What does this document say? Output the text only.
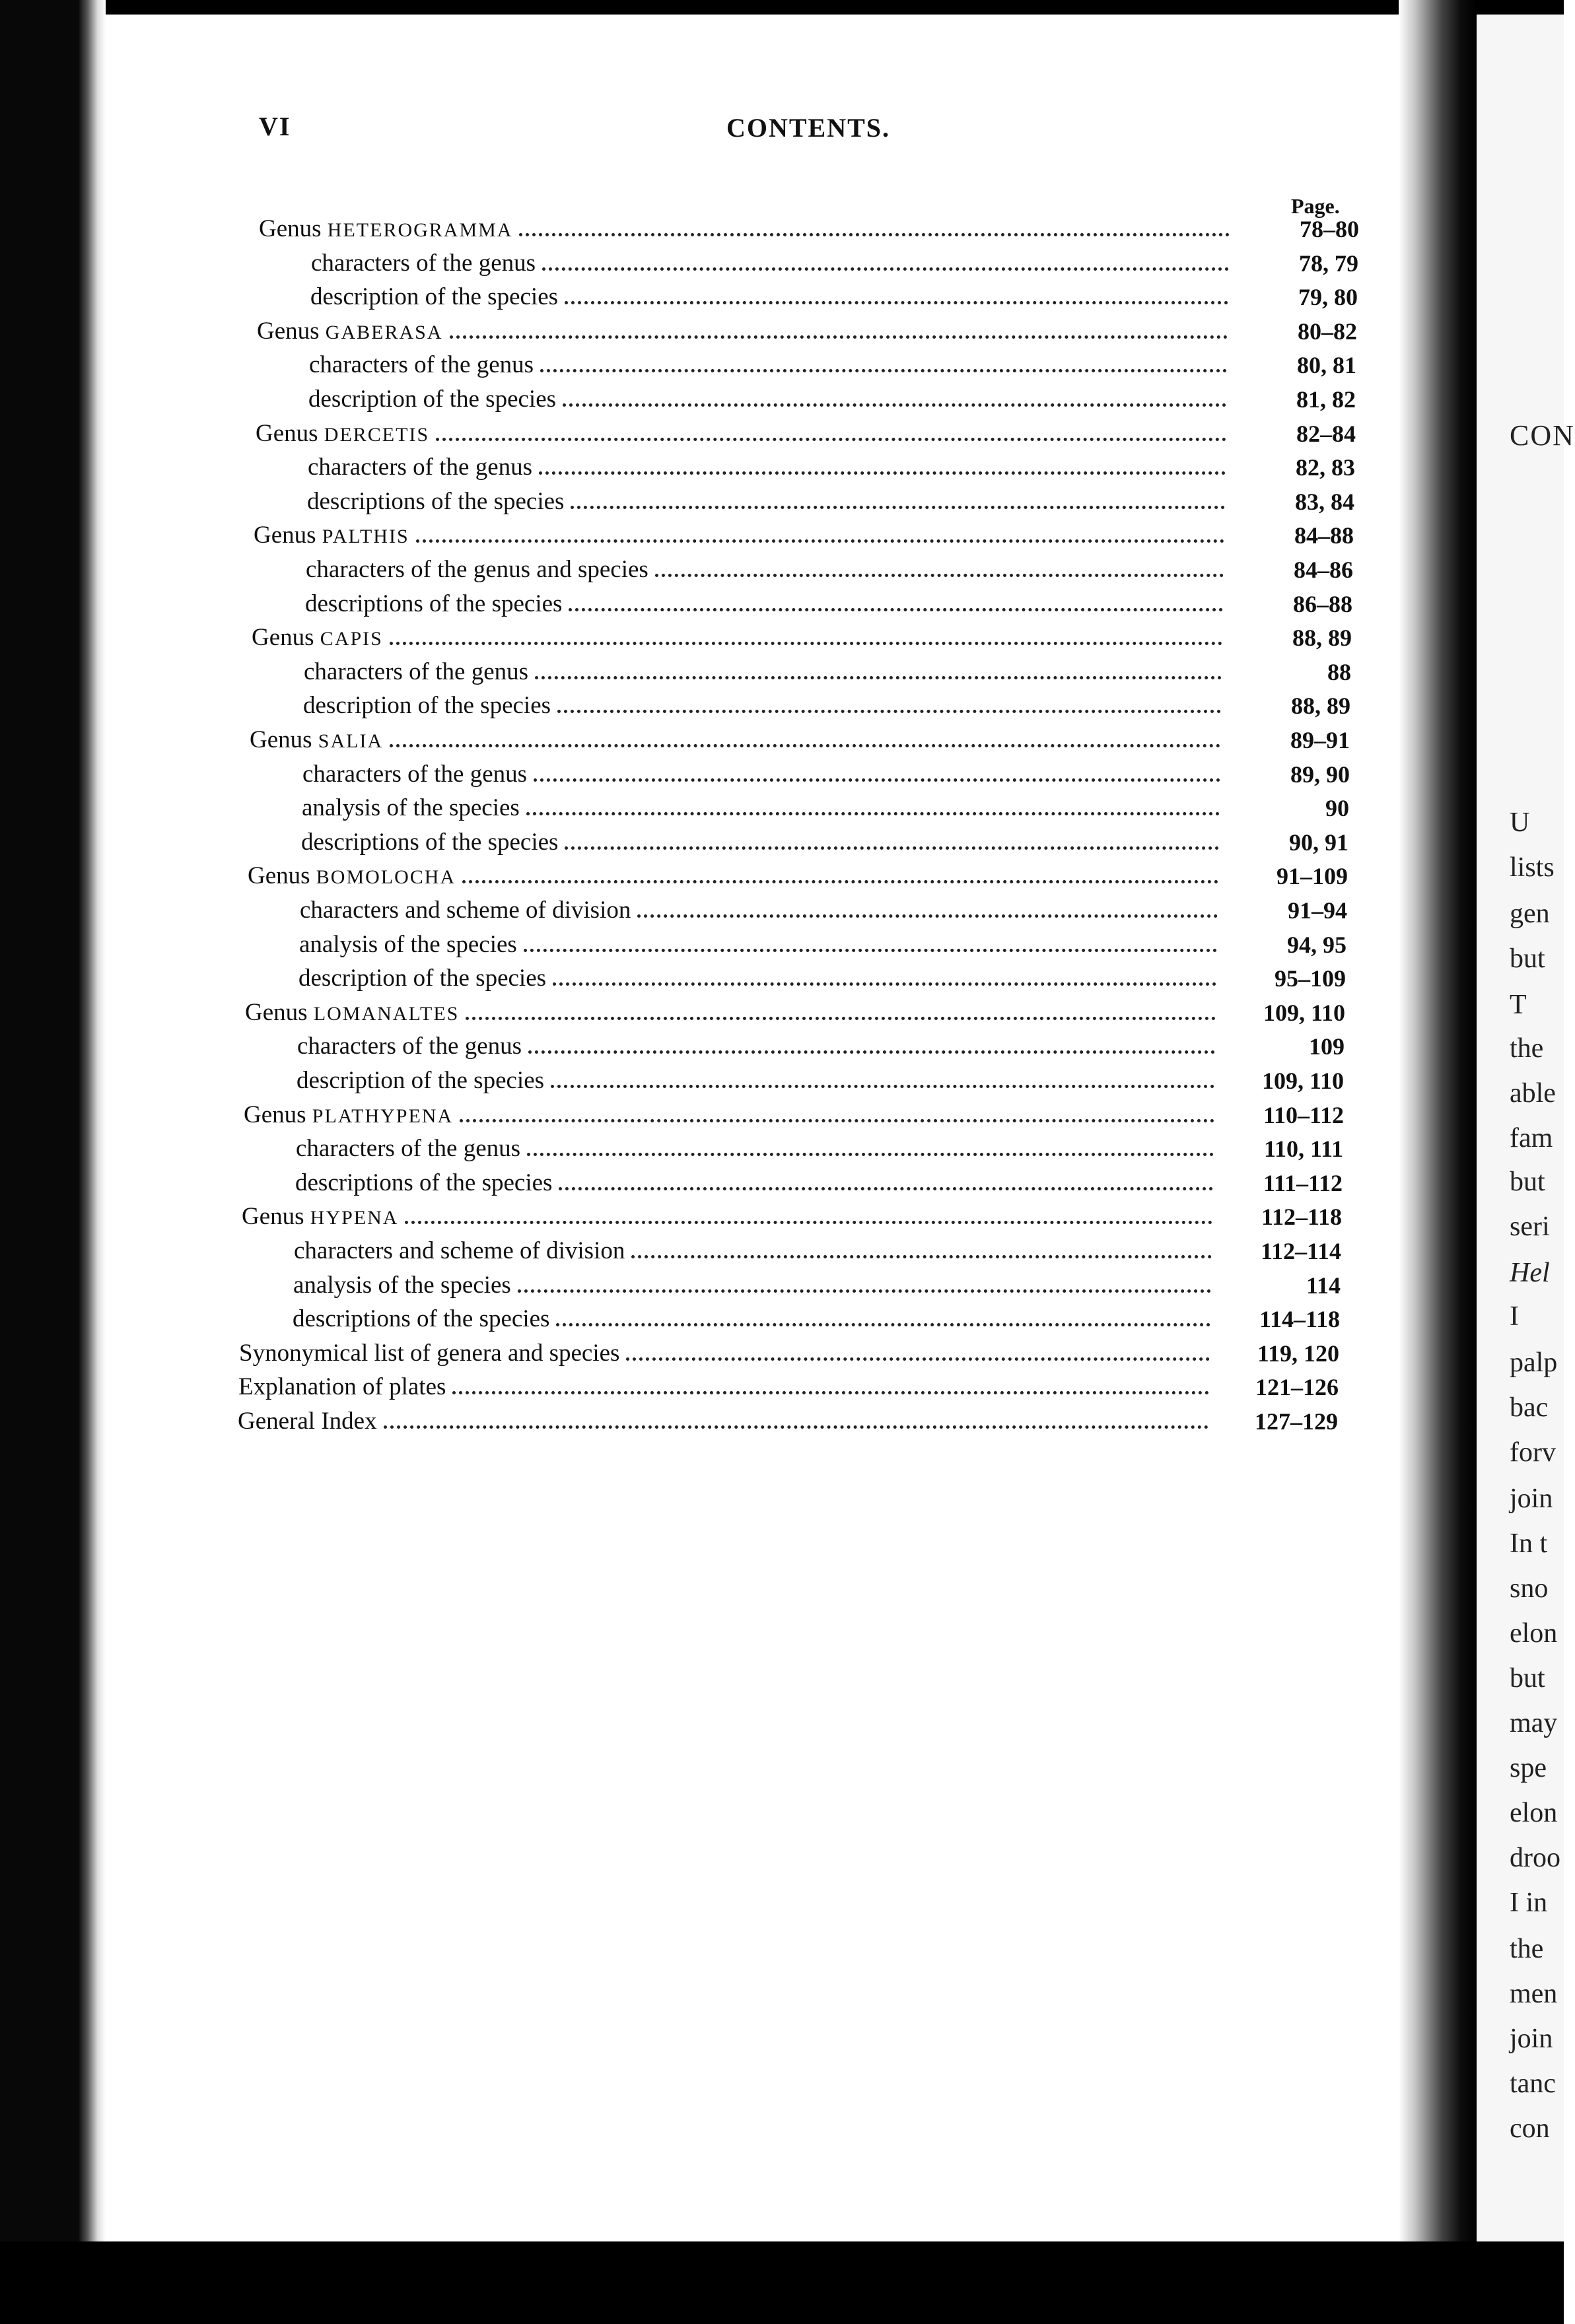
CON
U
lists
gen
but
T
the
able
fam
but
seri
Hel
I
palp
bac
forv
join
In t
sno
elon
but
may
spe
elon
droo
I in
the
men
join
tanc
con
VI	CONTENTS.
Page.
Genus HETEROGRAMMA	78–80
characters of the genus	78, 79
description of the species	79, 80
Genus GABERASA	80–82
characters of the genus	80, 81
description of the species	81, 82
Genus DERCETIS	82–84
characters of the genus	82, 83
descriptions of the species	83, 84
Genus PALTHIS	84–88
characters of the genus and species	84–86
descriptions of the species	86–88
Genus CAPIS	88, 89
characters of the genus	88
description of the species	88, 89
Genus SALIA	89–91
characters of the genus	89, 90
analysis of the species	90
descriptions of the species	90, 91
Genus BOMOLOCHA	91–109
characters and scheme of division	91–94
analysis of the species	94, 95
description of the species	95–109
Genus LOMANALTES	109, 110
characters of the genus	109
description of the species	109, 110
Genus PLATHYPENA	110–112
characters of the genus	110, 111
descriptions of the species	111–112
Genus HYPENA	112–118
characters and scheme of division	112–114
analysis of the species	114
descriptions of the species	114–118
Synonymical list of genera and species	119, 120
Explanation of plates	121–126
General Index	127–129
